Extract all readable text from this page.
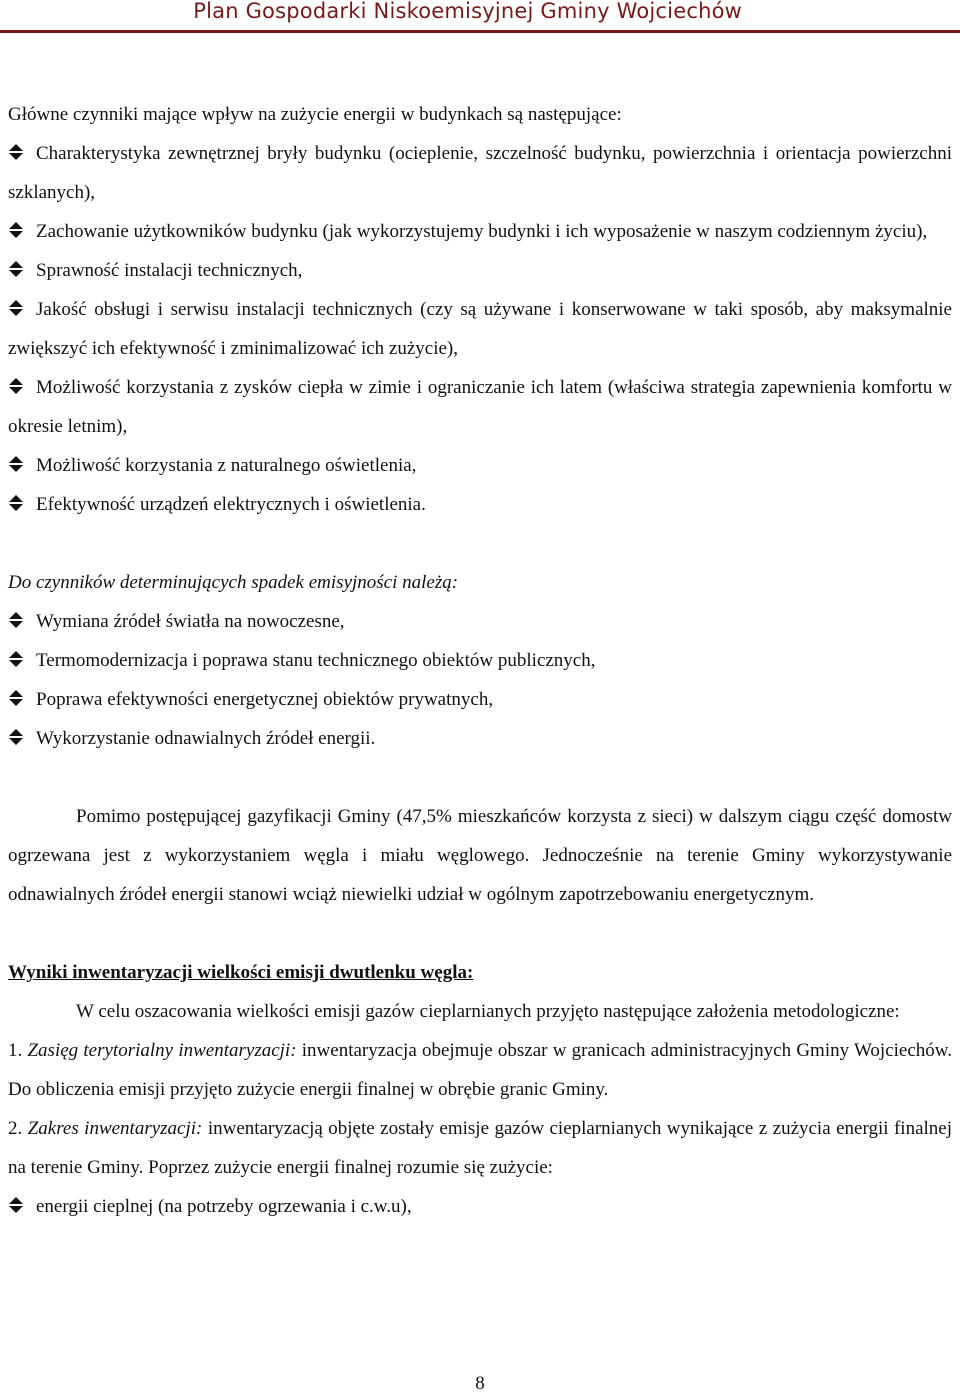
Plan Gospodarki Niskoemisyjnej Gminy Wojciechów

Główne czynniki mające wpływ na zużycie energii w budynkach są następujące:

Charakterystyka zewnętrznej bryły budynku (ocieplenie, szczelność budynku, powierzchnia i orientacja powierzchni szklanych),

Zachowanie użytkowników budynku (jak wykorzystujemy budynki i ich wyposażenie w naszym codziennym życiu),

Sprawność instalacji technicznych,

Jakość obsługi i serwisu instalacji technicznych (czy są używane i konserwowane w taki sposób, aby maksymalnie zwiększyć ich efektywność i zminimalizować ich zużycie),

Możliwość korzystania z zysków ciepła w zimie i ograniczanie ich latem (właściwa strategia zapewnienia komfortu w okresie letnim),

Możliwość korzystania z naturalnego oświetlenia,

Efektywność urządzeń elektrycznych i oświetlenia.

Do czynników determinujących spadek emisyjności należą:

Wymiana źródeł światła na nowoczesne,

Termomodernizacja i poprawa stanu technicznego obiektów publicznych,

Poprawa efektywności energetycznej obiektów prywatnych,

Wykorzystanie odnawialnych źródeł energii.

Pomimo postępującej gazyfikacji Gminy (47,5% mieszkańców korzysta z sieci) w dalszym ciągu część domostw ogrzewana jest z wykorzystaniem węgla i miału węglowego. Jednocześnie na terenie Gminy wykorzystywanie odnawialnych źródeł energii stanowi wciąż niewielki udział w ogólnym zapotrzebowaniu energetycznym.

Wyniki inwentaryzacji wielkości emisji dwutlenku węgla:

W celu oszacowania wielkości emisji gazów cieplarnianych przyjęto następujące założenia metodologiczne:

1. Zasięg terytorialny inwentaryzacji: inwentaryzacja obejmuje obszar w granicach administracyjnych Gminy Wojciechów. Do obliczenia emisji przyjęto zużycie energii finalnej w obrębie granic Gminy.

2. Zakres inwentaryzacji: inwentaryzacją objęte zostały emisje gazów cieplarnianych wynikające z zużycia energii finalnej na terenie Gminy. Poprzez zużycie energii finalnej rozumie się zużycie:

energii cieplnej (na potrzeby ogrzewania i c.w.u),

8
